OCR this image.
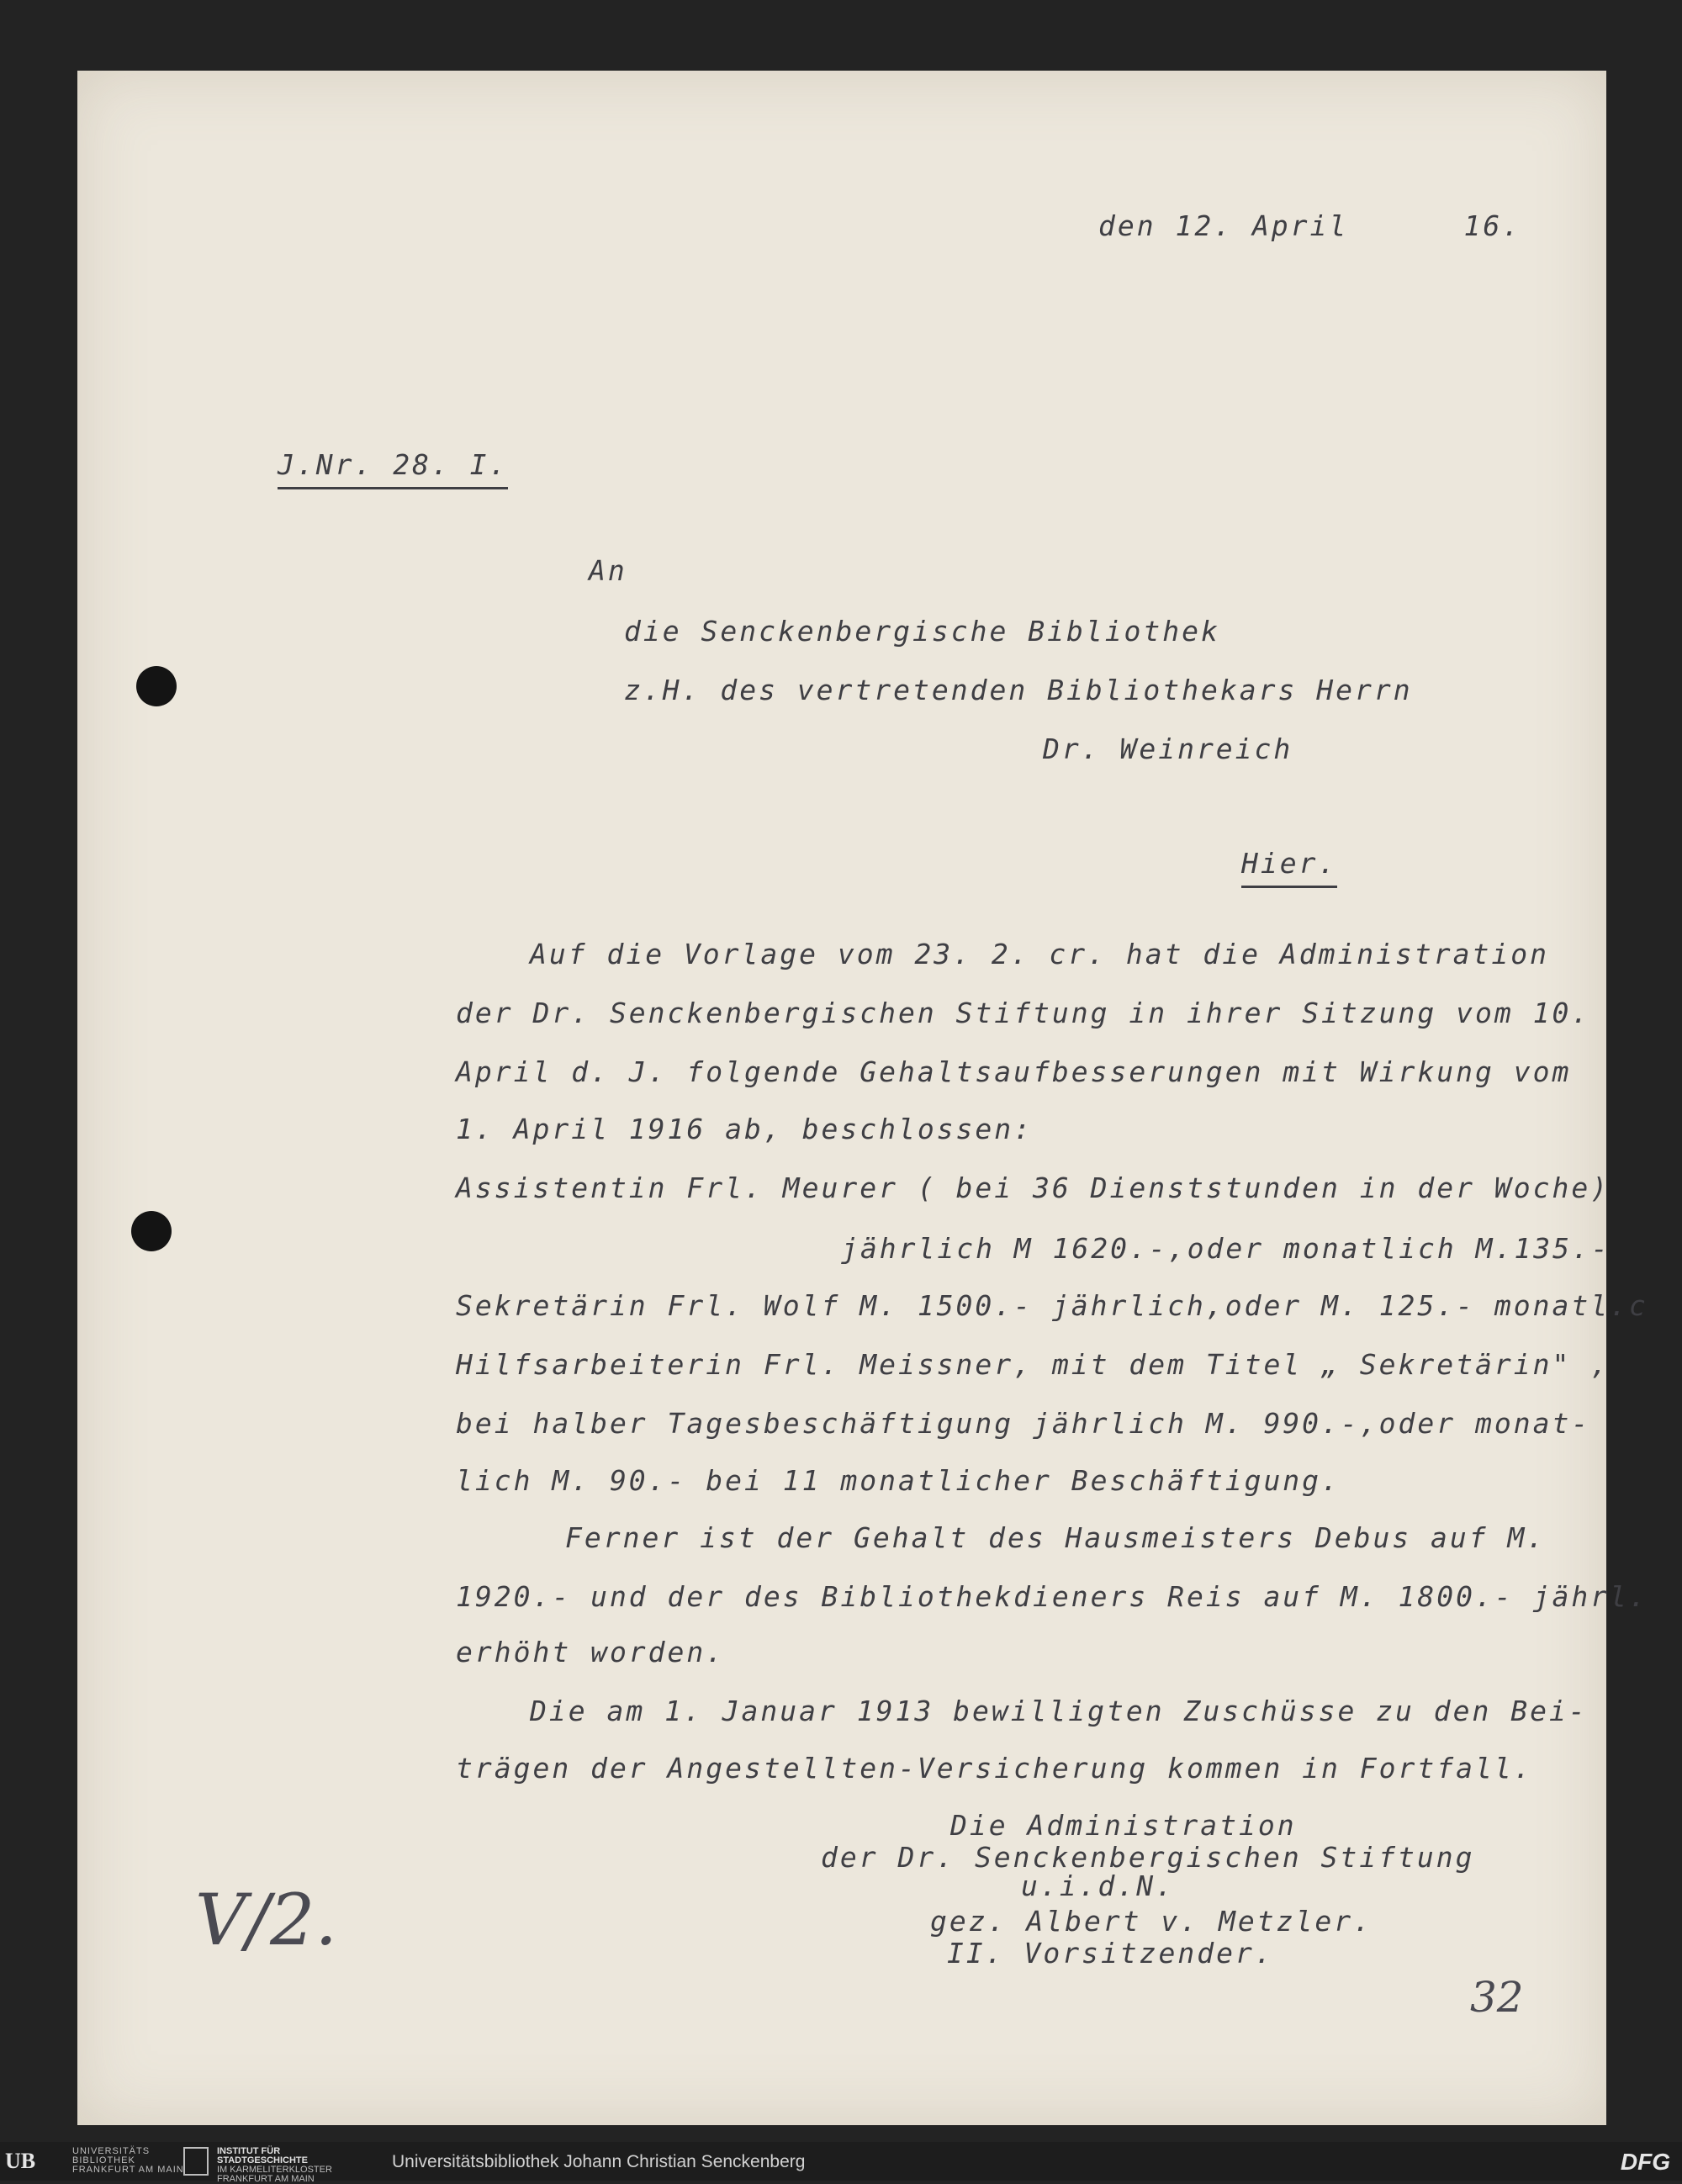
den 12. April      16.
J.Nr. 28. I.
An
die Senckenbergische Bibliothek
z.H. des vertretenden Bibliothekars Herrn
Dr. Weinreich
Hier.
Auf die Vorlage vom 23. 2. cr. hat die Administration
der Dr. Senckenbergischen Stiftung in ihrer Sitzung vom 10.
April d. J. folgende Gehaltsaufbesserungen mit Wirkung vom
1. April 1916 ab, beschlossen:
Assistentin Frl. Meurer ( bei 36 Dienststunden in der Woche)
jährlich M 1620.-,oder monatlich M.135.-
Sekretärin Frl. Wolf M. 1500.- jährlich,oder M. 125.- monatl.c
Hilfsarbeiterin Frl. Meissner, mit dem Titel „ Sekretärin" ,
bei halber Tagesbeschäftigung jährlich M. 990.-,oder monat-
lich M. 90.- bei 11 monatlicher Beschäftigung.
Ferner ist der Gehalt des Hausmeisters Debus auf M.
1920.- und der des Bibliothekdieners Reis auf M. 1800.- jährl.
erhöht worden.
Die am 1. Januar 1913 bewilligten Zuschüsse zu den Bei-
trägen der Angestellten-Versicherung kommen in Fortfall.
Die Administration
der Dr. Senckenbergischen Stiftung
u.i.d.N.
gez. Albert v. Metzler.
II. Vorsitzender.
V/2.
32
UB	UNIVERSITÄTS
BIBLIOTHEK
FRANKFURT AM MAIN
INSTITUT FÜR
STADTGESCHICHTE
IM KARMELITERKLOSTER
FRANKFURT AM MAIN
Universitätsbibliothek Johann Christian Senckenberg	DFG
